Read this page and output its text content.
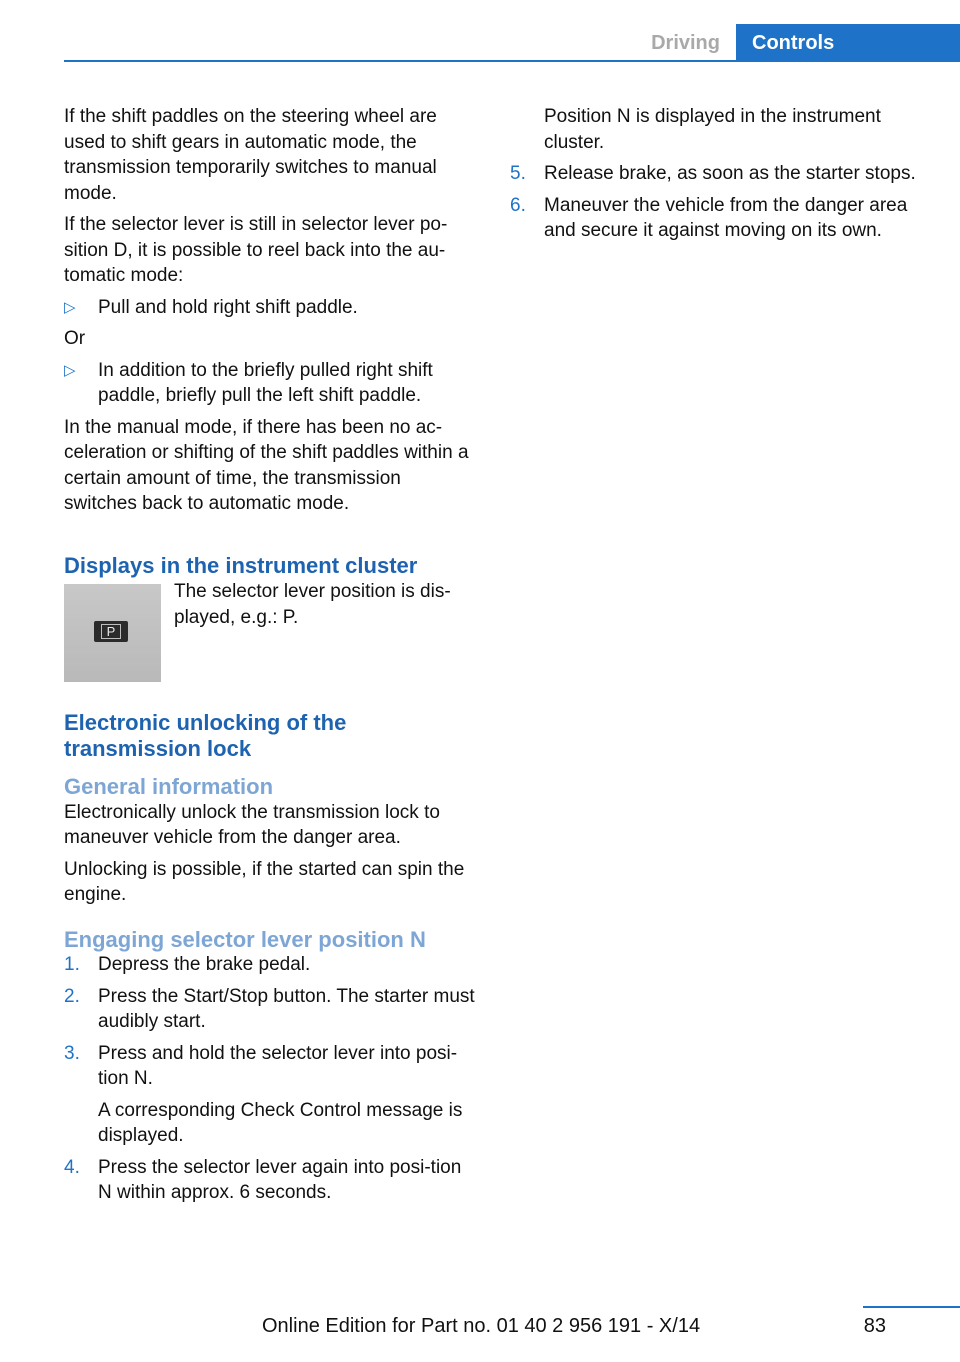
Driving	Controls

If the shift paddles on the steering wheel are used to shift gears in automatic mode, the transmission temporarily switches to manual mode.

If the selector lever is still in selector lever po‐sition D, it is possible to reel back into the au‐tomatic mode:

▷ Pull and hold right shift paddle.

Or

▷ In addition to the briefly pulled right shift paddle, briefly pull the left shift paddle.

In the manual mode, if there has been no ac‐celeration or shifting of the shift paddles within a certain amount of time, the transmission switches back to automatic mode.

Displays in the instrument cluster
P

The selector lever position is dis‐played, e.g.: P.

Electronic unlocking of the
transmission lock
General information

Electronically unlock the transmission lock to maneuver vehicle from the danger area.

Unlocking is possible, if the started can spin the engine.

Engaging selector lever position N
1. Depress the brake pedal.
2. Press the Start/Stop button. The starter must audibly start.
3. Press and hold the selector lever into posi‐tion N.

A corresponding Check Control message is displayed.

4. Press the selector lever again into posi‐tion N within approx. 6 seconds.

Position N is displayed in the instrument cluster.

5. Release brake, as soon as the starter stops.
6. Maneuver the vehicle from the danger area and secure it against moving on its own.
83
Online Edition for Part no. 01 40 2 956 191 - X/14
